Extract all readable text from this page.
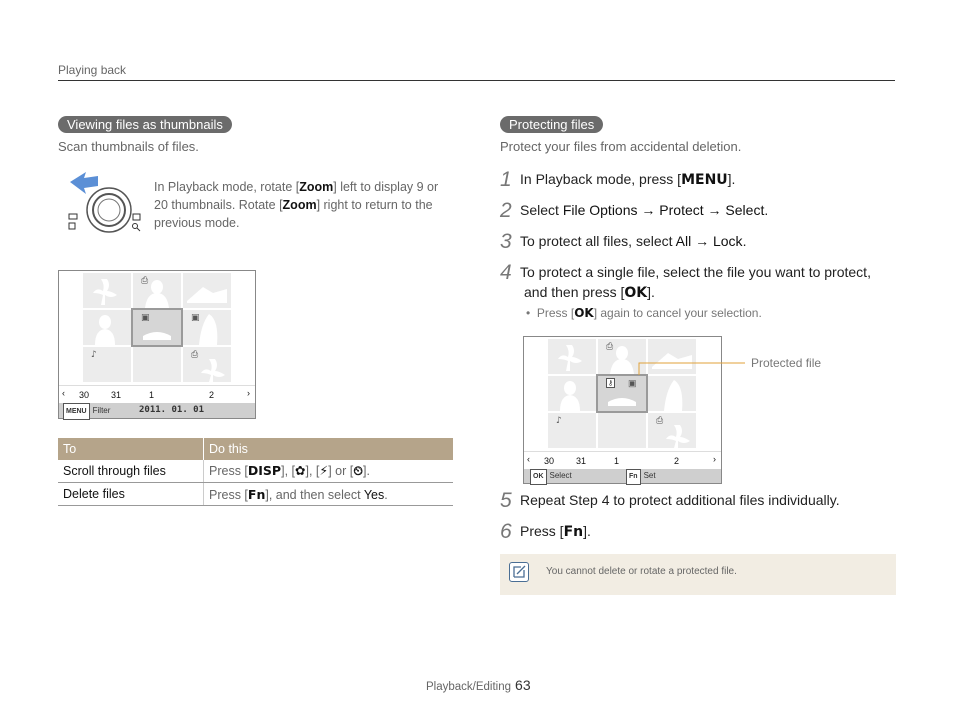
Playing back
Viewing files as thumbnails
Scan thumbnails of files.
In Playback mode, rotate [Zoom] left to display 9 or 20 thumbnails. Rotate [Zoom] right to return to the previous mode.
⎙
▣	▣
♪	⎙
‹ 30 31	1	2	›
MENU Filter	2011. 01. 01
To	Do this
Scroll through files	Press [DISP], [✿], [⚡] or [⏲].
Delete files	Press [Fn], and then select Yes.
Protecting files
Protect your files from accidental deletion.
1 In Playback mode, press [MENU].
2 Select File Options → Protect → Select.
3 To protect all files, select All → Lock.
4 To protect a single file, select the file you want to protect,
and then press [OK].
•  Press [OK] again to cancel your selection.
⎙
⚷ ▣
♪	⎙
‹ 30 31	1	2	›
OK Select	Fn Set
Protected file
5 Repeat Step 4 to protect additional files individually.
6 Press [Fn].
You cannot delete or rotate a protected file.
Playback/Editing 63
